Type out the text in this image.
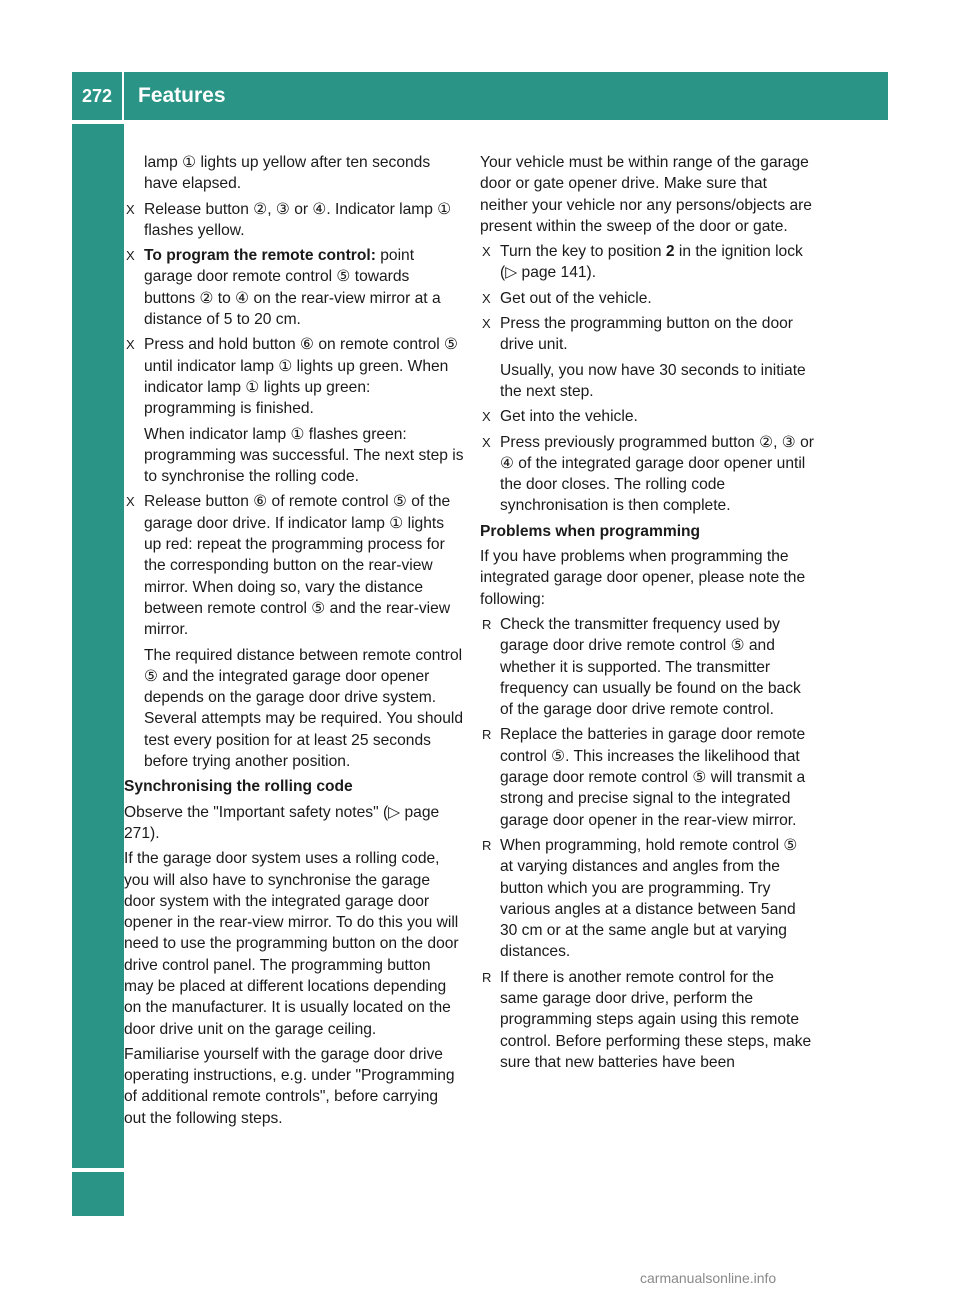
272	Features
Stowing and features

lamp ① lights up yellow after ten seconds have elapsed.

X Release button ②, ③ or ④. Indicator lamp ① flashes yellow.
X To program the remote control: point garage door remote control ⑤ towards buttons ② to ④ on the rear-view mirror at a distance of 5 to 20 cm.
X Press and hold button ⑥ on remote control ⑤ until indicator lamp ① lights up green. When indicator lamp ① lights up green: programming is finished.

When indicator lamp ① flashes green: programming was successful. The next step is to synchronise the rolling code.

X Release button ⑥ of remote control ⑤ of the garage door drive. If indicator lamp ① lights up red: repeat the programming process for the corresponding button on the rear-view mirror. When doing so, vary the distance between remote control ⑤ and the rear-view mirror.

The required distance between remote control ⑤ and the integrated garage door opener depends on the garage door drive system. Several attempts may be required. You should test every position for at least 25 seconds before trying another position.

Synchronising the rolling code

Observe the "Important safety notes" (▷ page 271).

If the garage door system uses a rolling code, you will also have to synchronise the garage door system with the integrated garage door opener in the rear-view mirror. To do this you will need to use the programming button on the door drive control panel. The programming button may be placed at different locations depending on the manufacturer. It is usually located on the door drive unit on the garage ceiling.

Familiarise yourself with the garage door drive operating instructions, e.g. under "Programming of additional remote controls", before carrying out the following steps.

Your vehicle must be within range of the garage door or gate opener drive. Make sure that neither your vehicle nor any persons/objects are present within the sweep of the door or gate.

X Turn the key to position 2 in the ignition lock (▷ page 141).
X Get out of the vehicle.
X Press the programming button on the door drive unit.

Usually, you now have 30 seconds to initiate the next step.

X Get into the vehicle.
X Press previously programmed button ②, ③ or ④ of the integrated garage door opener until the door closes. The rolling code synchronisation is then complete.

Problems when programming

If you have problems when programming the integrated garage door opener, please note the following:

R Check the transmitter frequency used by garage door drive remote control ⑤ and whether it is supported. The transmitter frequency can usually be found on the back of the garage door drive remote control.
R Replace the batteries in garage door remote control ⑤. This increases the likelihood that garage door remote control ⑤ will transmit a strong and precise signal to the integrated garage door opener in the rear-view mirror.
R When programming, hold remote control ⑤ at varying distances and angles from the button which you are programming. Try various angles at a distance between 5and 30 cm or at the same angle but at varying distances.
R If there is another remote control for the same garage door drive, perform the programming steps again using this remote control. Before performing these steps, make sure that new batteries have been
carmanualsonline.info
